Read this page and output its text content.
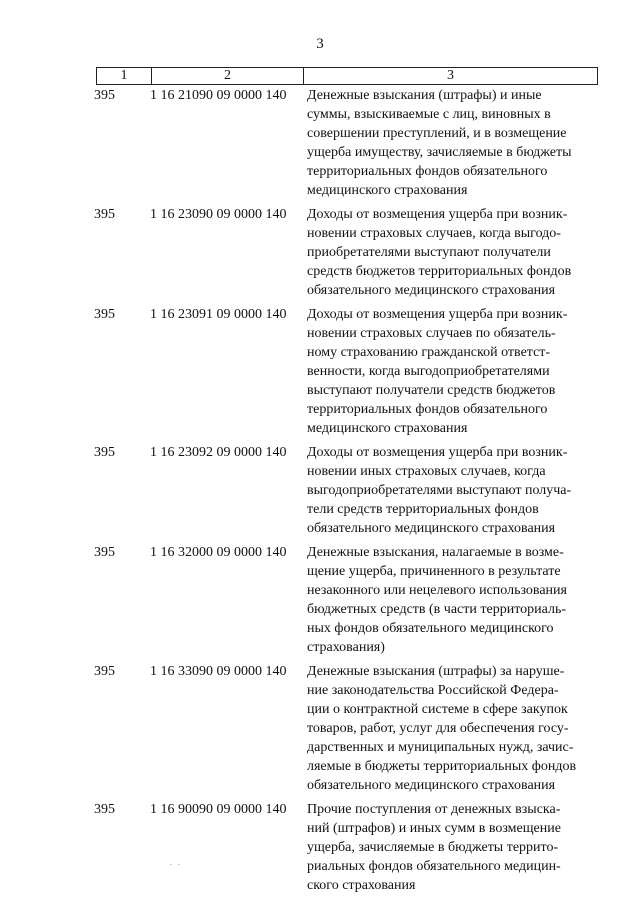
3
1	2	3
395	1 16 21090 09 0000 140	Денежные взыскания (штрафы) и иные
суммы, взыскиваемые с лиц, виновных в
совершении преступлений, и в возмещение
ущерба имуществу, зачисляемые в бюджеты
территориальных фондов обязательного
медицинского страхования
395	1 16 23090 09 0000 140	Доходы от возмещения ущерба при возник-
новении страховых случаев, когда выгодо-
приобретателями выступают получатели
средств бюджетов территориальных фондов
обязательного медицинского страхования
395	1 16 23091 09 0000 140	Доходы от возмещения ущерба при возник-
новении страховых случаев по обязатель-
ному страхованию гражданской ответст-
венности, когда выгодоприобретателями
выступают получатели средств бюджетов
территориальных фондов обязательного
медицинского страхования
395	1 16 23092 09 0000 140	Доходы от возмещения ущерба при возник-
новении иных страховых случаев, когда
выгодоприобретателями выступают получа-
тели средств территориальных фондов
обязательного медицинского страхования
395	1 16 32000 09 0000 140	Денежные взыскания, налагаемые в возме-
щение ущерба, причиненного в результате
незаконного или нецелевого использования
бюджетных средств (в части территориаль-
ных фондов обязательного медицинского
страхования)
395	1 16 33090 09 0000 140	Денежные взыскания (штрафы) за наруше-
ние законодательства Российской Федера-
ции о контрактной системе в сфере закупок
товаров, работ, услуг для обеспечения госу-
дарственных и муниципальных нужд, зачис-
ляемые в бюджеты территориальных фондов
обязательного медицинского страхования
395	1 16 90090 09 0000 140	Прочие поступления от денежных взыска-
ний (штрафов) и иных сумм в возмещение
ущерба, зачисляемые в бюджеты террито-
риальных фондов обязательного медицин-
ского страхования
. .
